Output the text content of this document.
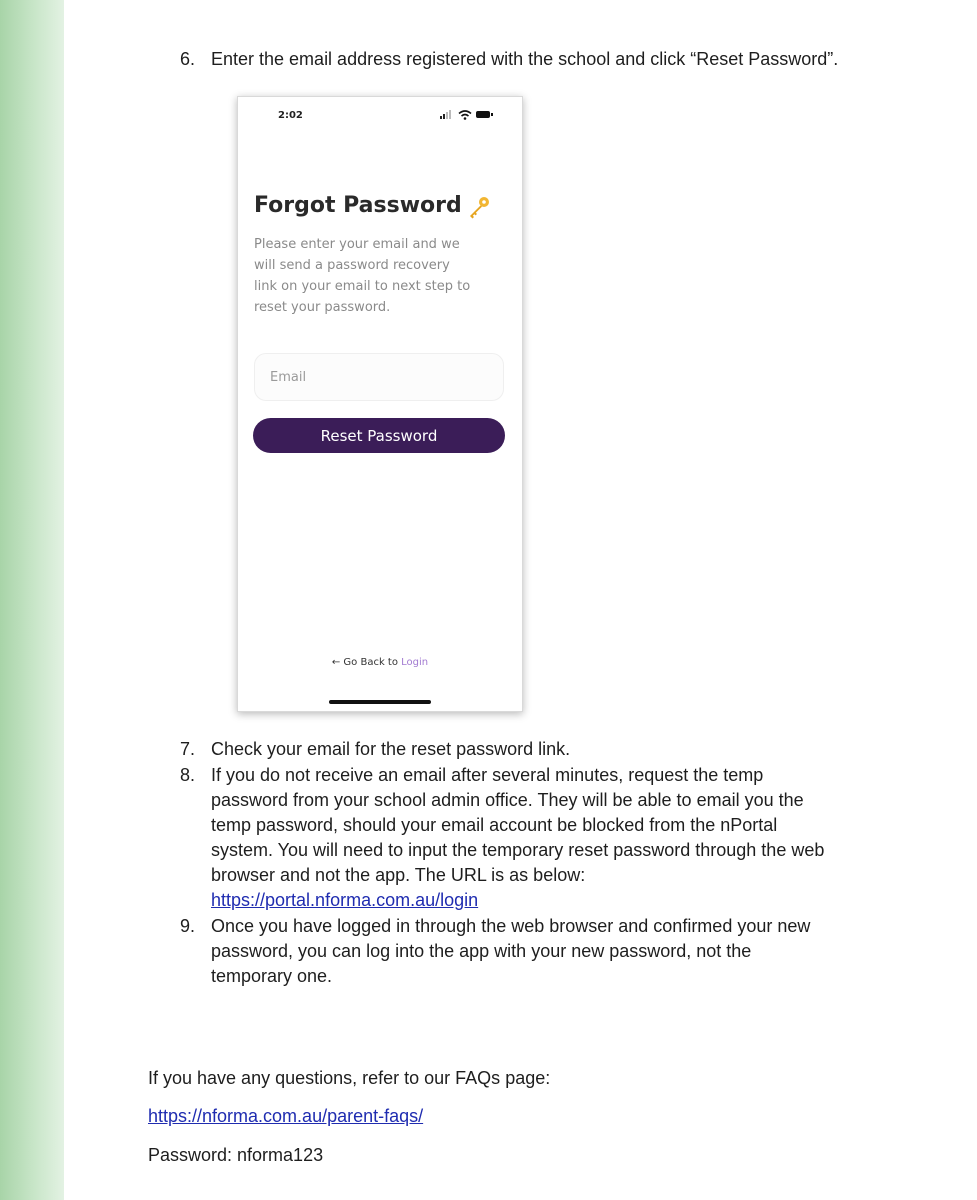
6. Enter the email address registered with the school and click “Reset Password”.
2:02
Forgot Password
Please enter your email and we
will send a password recovery
link on your email to next step to
reset your password.
Email
Reset Password
← Go Back to Login
7. Check your email for the reset password link.
8. If you do not receive an email after several minutes, request the temp
password from your school admin office. They will be able to email you the
temp password, should your email account be blocked from the nPortal
system. You will need to input the temporary reset password through the web
browser and not the app. The URL is as below:
https://portal.nforma.com.au/login
9. Once you have logged in through the web browser and confirmed your new
password, you can log into the app with your new password, not the
temporary one.
If you have any questions, refer to our FAQs page:
https://nforma.com.au/parent-faqs/
Password: nforma123
